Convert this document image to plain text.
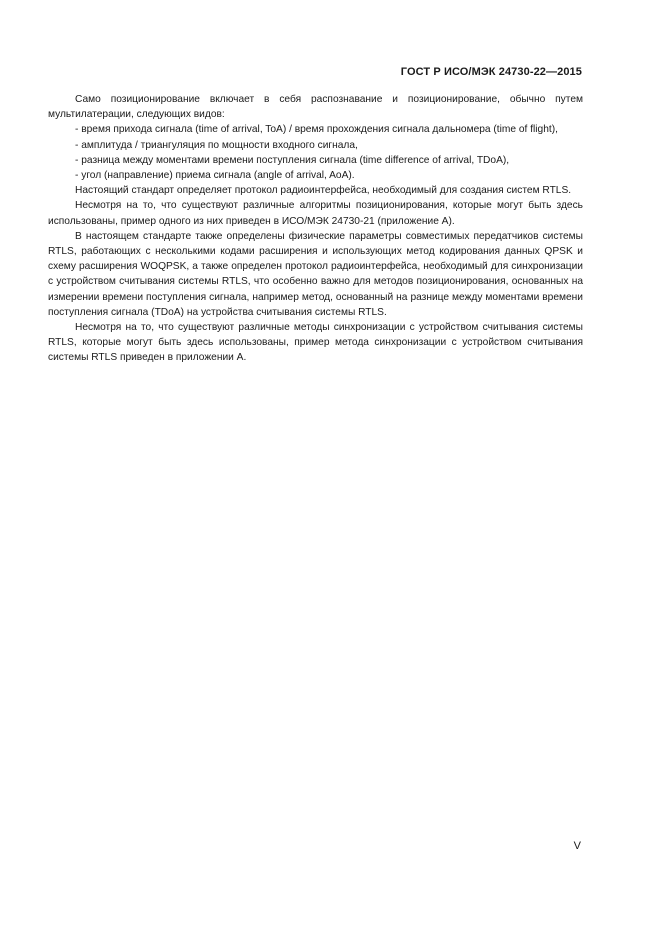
ГОСТ Р ИСО/МЭК 24730-22—2015

Само позиционирование включает в себя распознавание и позиционирование, обычно путем мультилатерации, следующих видов:

- время прихода сигнала (time of arrival, ToA) / время прохождения сигнала дальномера (time of flight),

- амплитуда / триангуляция по мощности входного сигнала,

- разница между моментами времени поступления сигнала (time difference of arrival, TDoA),

- угол (направление) приема сигнала (angle of arrival, AoA).

Настоящий стандарт определяет протокол радиоинтерфейса, необходимый для создания систем RTLS.

Несмотря на то, что существуют различные алгоритмы позиционирования, которые могут быть здесь использованы, пример одного из них приведен в ИСО/МЭК 24730-21 (приложение А).

В настоящем стандарте также определены физические параметры совместимых передатчиков системы RTLS, работающих с несколькими кодами расширения и использующих метод кодирования данных QPSK и схему расширения WOQPSK, а также определен протокол радиоинтерфейса, необходимый для синхронизации с устройством считывания системы RTLS, что особенно важно для методов позиционирования, основанных на измерении времени поступления сигнала, например метод, основанный на разнице между моментами времени поступления сигнала (TDoA) на устройства считывания системы RTLS.

Несмотря на то, что существуют различные методы синхронизации с устройством считывания системы RTLS, которые могут быть здесь использованы, пример метода синхронизации с устройством считывания системы RTLS приведен в приложении А.

V
